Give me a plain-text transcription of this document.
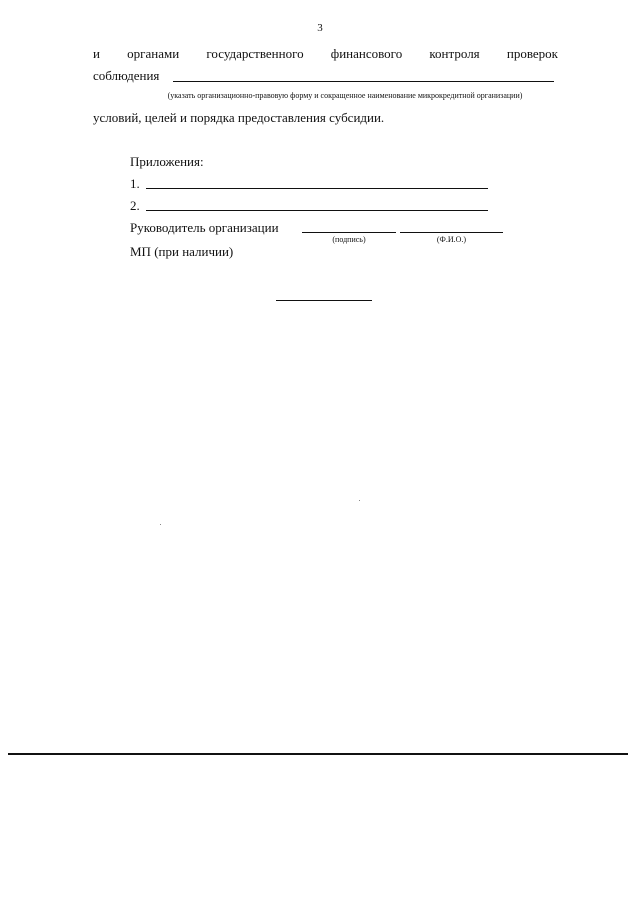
3
и органами государственного финансового контроля проверок
соблюдения
(указать организационно-правовую форму и сокращенное наименование микрокредитной организации)
условий, целей и порядка предоставления субсидии.
Приложения:
1.
2.
Руководитель организации
(подпись)	(Ф.И.О.)
МП (при наличии)
